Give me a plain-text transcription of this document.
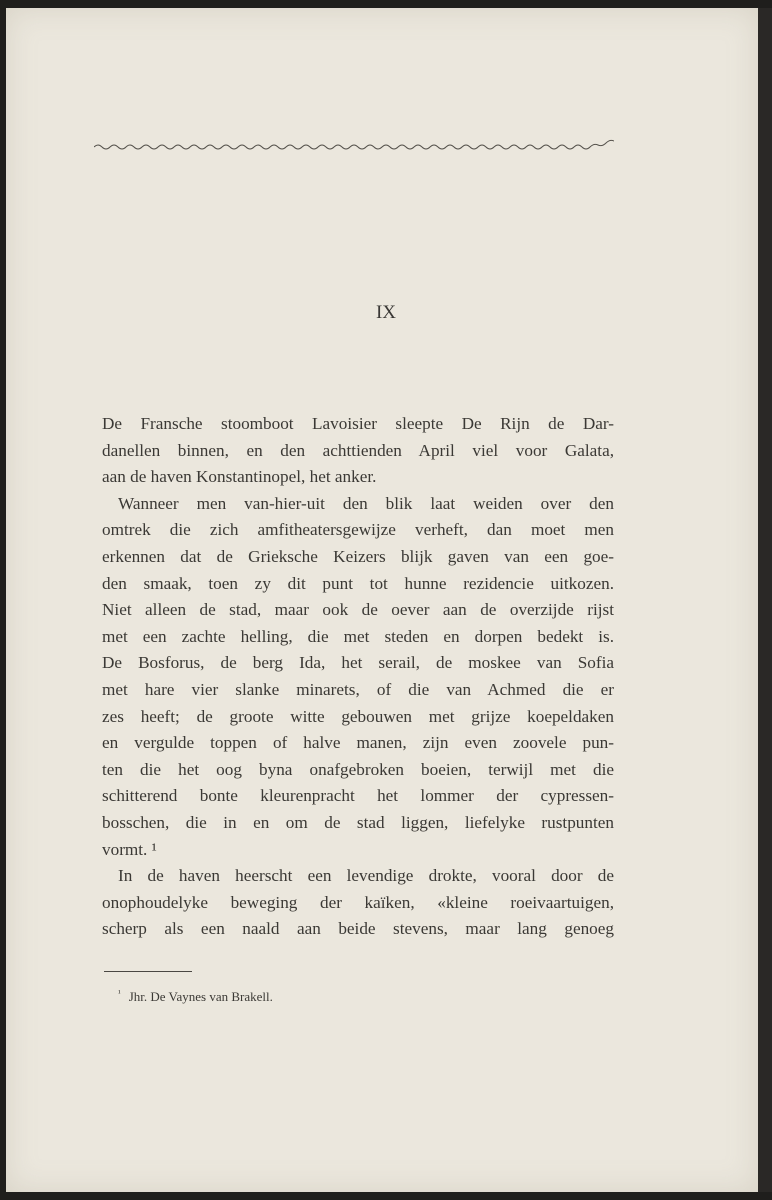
IX
De Fransche stoomboot Lavoisier sleepte De Rijn de Dar-
danellen binnen, en den achttienden April viel voor Galata,
aan de haven Konstantinopel, het anker.
Wanneer men van-hier-uit den blik laat weiden over den
omtrek die zich amfitheatersgewijze verheft, dan moet men
erkennen dat de Grieksche Keizers blijk gaven van een goe-
den smaak, toen zy dit punt tot hunne rezidencie uitkozen.
Niet alleen de stad, maar ook de oever aan de overzijde rijst
met een zachte helling, die met steden en dorpen bedekt is.
De Bosforus, de berg Ida, het serail, de moskee van Sofia
met hare vier slanke minarets, of die van Achmed die er
zes heeft; de groote witte gebouwen met grijze koepeldaken
en vergulde toppen of halve manen, zijn even zoovele pun-
ten die het oog byna onafgebroken boeien, terwijl met die
schitterend bonte kleurenpracht het lommer der cypressen-
bosschen, die in en om de stad liggen, liefelyke rustpunten
vormt. ¹
In de haven heerscht een levendige drokte, vooral door de
onophoudelyke beweging der kaïken, «kleine roeivaartuigen,
scherp als een naald aan beide stevens, maar lang genoeg
$^{^1}$ Jhr. De Vaynes van Brakell.
